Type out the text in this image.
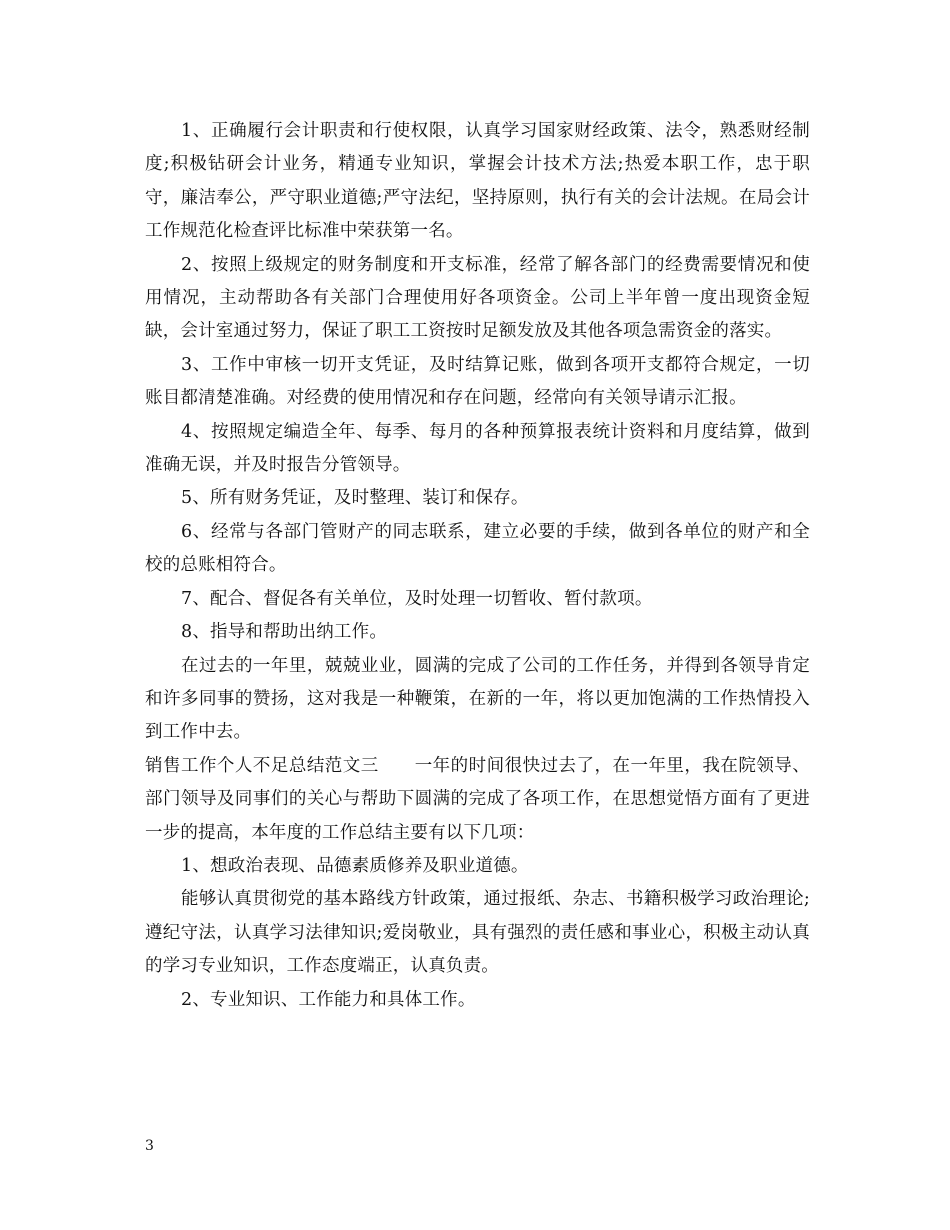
1、正确履行会计职责和行使权限，认真学习国家财经政策、法令，熟悉财经制度;积极钻研会计业务，精通专业知识，掌握会计技术方法;热爱本职工作，忠于职守，廉洁奉公，严守职业道德;严守法纪，坚持原则，执行有关的会计法规。在局会计工作规范化检查评比标准中荣获第一名。

2、按照上级规定的财务制度和开支标准，经常了解各部门的经费需要情况和使用情况，主动帮助各有关部门合理使用好各项资金。公司上半年曾一度出现资金短缺，会计室通过努力，保证了职工工资按时足额发放及其他各项急需资金的落实。

3、工作中审核一切开支凭证，及时结算记账，做到各项开支都符合规定，一切账目都清楚准确。对经费的使用情况和存在问题，经常向有关领导请示汇报。

4、按照规定编造全年、每季、每月的各种预算报表统计资料和月度结算，做到准确无误，并及时报告分管领导。

5、所有财务凭证，及时整理、装订和保存。

6、经常与各部门管财产的同志联系，建立必要的手续，做到各单位的财产和全校的总账相符合。

7、配合、督促各有关单位，及时处理一切暂收、暂付款项。

8、指导和帮助出纳工作。

在过去的一年里，兢兢业业，圆满的完成了公司的工作任务，并得到各领导肯定和许多同事的赞扬，这对我是一种鞭策，在新的一年，将以更加饱满的工作热情投入到工作中去。

销售工作个人不足总结范文三　　一年的时间很快过去了，在一年里，我在院领导、部门领导及同事们的关心与帮助下圆满的完成了各项工作，在思想觉悟方面有了更进一步的提高，本年度的工作总结主要有以下几项：

1、想政治表现、品德素质修养及职业道德。

能够认真贯彻党的基本路线方针政策，通过报纸、杂志、书籍积极学习政治理论;遵纪守法，认真学习法律知识;爱岗敬业，具有强烈的责任感和事业心，积极主动认真的学习专业知识，工作态度端正，认真负责。

2、专业知识、工作能力和具体工作。

3
